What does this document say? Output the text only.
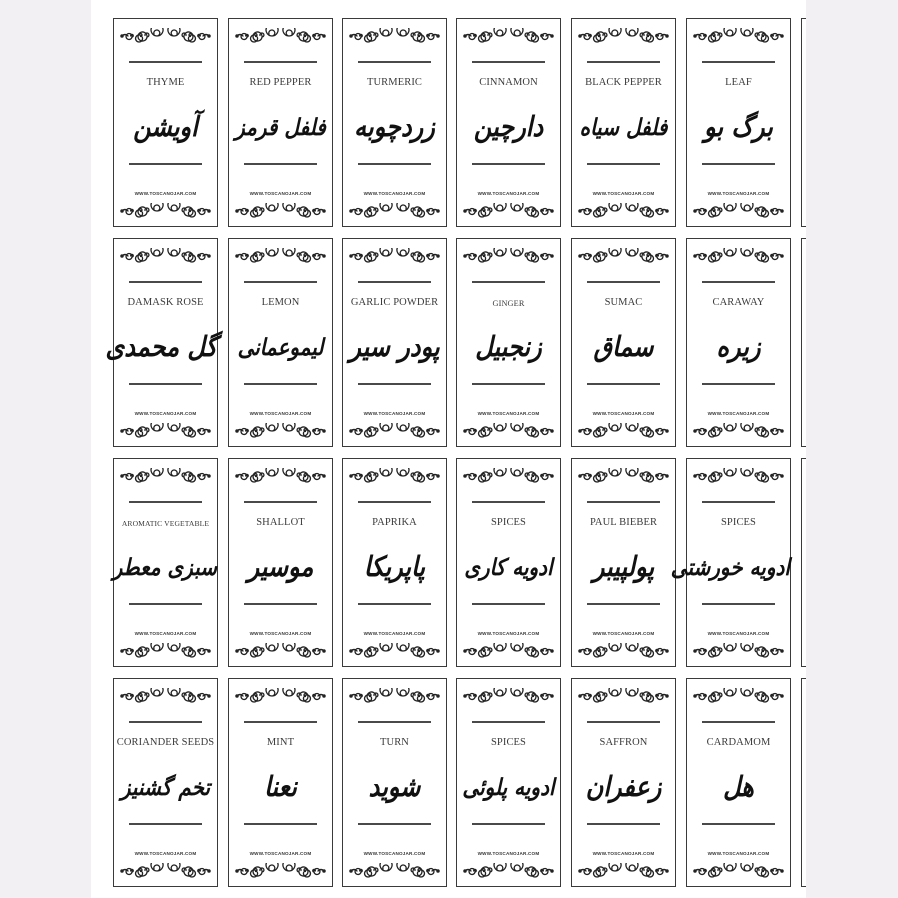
THYME
آویشن
WWW.TOSCANOJAR.COM
RED PEPPER
فلفل قرمز
WWW.TOSCANOJAR.COM
TURMERIC
زردچوبه
WWW.TOSCANOJAR.COM
CINNAMON
دارچین
WWW.TOSCANOJAR.COM
BLACK PEPPER
فلفل سیاه
WWW.TOSCANOJAR.COM
LEAF
برگ بو
WWW.TOSCANOJAR.COM
DAMASK ROSE
گل محمدی
WWW.TOSCANOJAR.COM
LEMON
لیموعمانی
WWW.TOSCANOJAR.COM
GARLIC POWDER
پودر سیر
WWW.TOSCANOJAR.COM
GINGER
زنجبیل
WWW.TOSCANOJAR.COM
SUMAC
سماق
WWW.TOSCANOJAR.COM
CARAWAY
زیره
WWW.TOSCANOJAR.COM
AROMATIC VEGETABLE
سبزی معطر
WWW.TOSCANOJAR.COM
SHALLOT
موسیر
WWW.TOSCANOJAR.COM
PAPRIKA
پاپریکا
WWW.TOSCANOJAR.COM
SPICES
ادویه کاری
WWW.TOSCANOJAR.COM
PAUL BIEBER
پولپیبر
WWW.TOSCANOJAR.COM
SPICES
ادویه خورشتی
WWW.TOSCANOJAR.COM
CORIANDER SEEDS
تخم گشنیز
WWW.TOSCANOJAR.COM
MINT
نعنا
WWW.TOSCANOJAR.COM
TURN
شوید
WWW.TOSCANOJAR.COM
SPICES
ادویه پلوئی
WWW.TOSCANOJAR.COM
SAFFRON
زعفران
WWW.TOSCANOJAR.COM
CARDAMOM
هل
WWW.TOSCANOJAR.COM
